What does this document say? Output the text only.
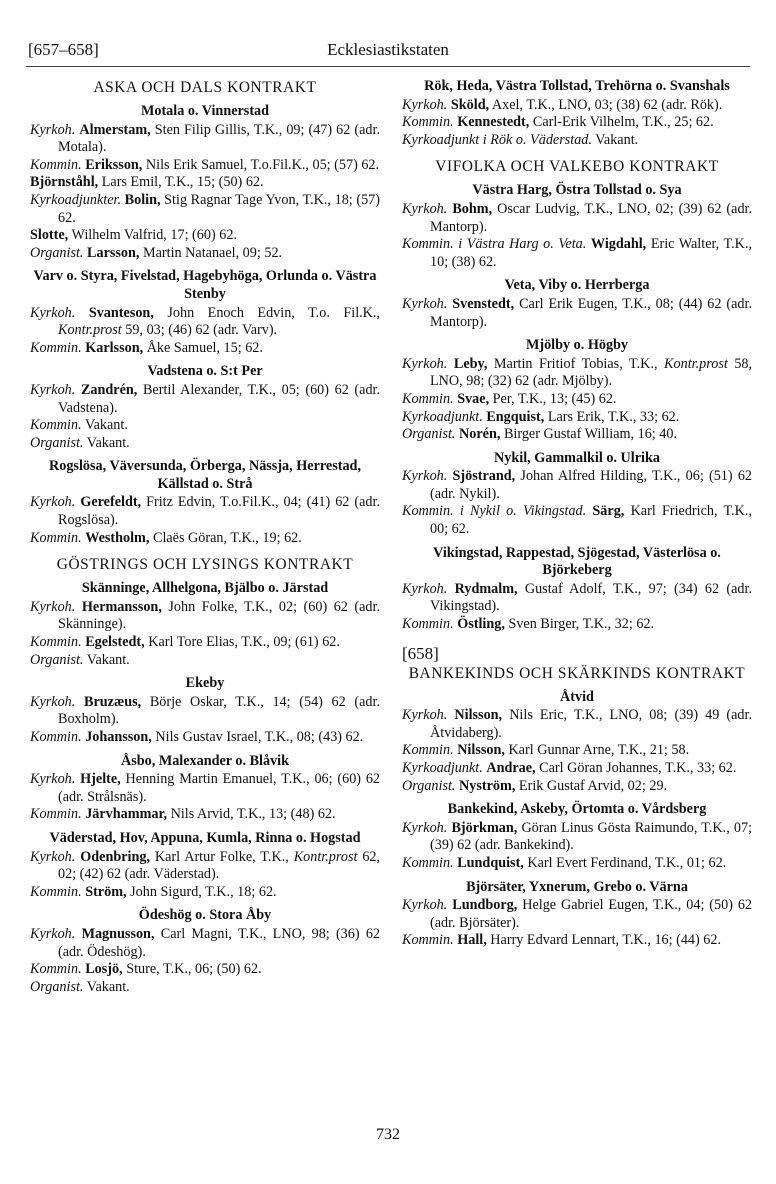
[657–658]	Ecklesiastikstaten
ASKA OCH DALS KONTRAKT
Motala o. Vinnerstad
Kyrkoh. Almerstam, Sten Filip Gillis, T.K., 09; (47) 62 (adr. Motala).
Kommin. Eriksson, Nils Erik Samuel, T.o.Fil.K., 05; (57) 62.
Björnståhl, Lars Emil, T.K., 15; (50) 62.
Kyrkoadjunkter. Bolin, Stig Ragnar Tage Yvon, T.K., 18; (57) 62.
Slotte, Wilhelm Valfrid, 17; (60) 62.
Organist. Larsson, Martin Natanael, 09; 52.
Varv o. Styra, Fivelstad, Hagebyhöga, Orlunda o. Västra Stenby
Kyrkoh. Svanteson, John Enoch Edvin, T.o. Fil.K., Kontr.prost 59, 03; (46) 62 (adr. Varv).
Kommin. Karlsson, Åke Samuel, 15; 62.
Vadstena o. S:t Per
Kyrkoh. Zandrén, Bertil Alexander, T.K., 05; (60) 62 (adr. Vadstena).
Kommin. Vakant.
Organist. Vakant.
Rogslösa, Väversunda, Örberga, Nässja, Herrestad, Källstad o. Strå
Kyrkoh. Gerefeldt, Fritz Edvin, T.o.Fil.K., 04; (41) 62 (adr. Rogslösa).
Kommin. Westholm, Claës Göran, T.K., 19; 62.
GÖSTRINGS OCH LYSINGS KONTRAKT
Skänninge, Allhelgona, Bjälbo o. Järstad
Kyrkoh. Hermansson, John Folke, T.K., 02; (60) 62 (adr. Skänninge).
Kommin. Egelstedt, Karl Tore Elias, T.K., 09; (61) 62.
Organist. Vakant.
Ekeby
Kyrkoh. Bruzæus, Börje Oskar, T.K., 14; (54) 62 (adr. Boxholm).
Kommin. Johansson, Nils Gustav Israel, T.K., 08; (43) 62.
Åsbo, Malexander o. Blåvik
Kyrkoh. Hjelte, Henning Martin Emanuel, T.K., 06; (60) 62 (adr. Strålsnäs).
Kommin. Järvhammar, Nils Arvid, T.K., 13; (48) 62.
Väderstad, Hov, Appuna, Kumla, Rinna o. Hogstad
Kyrkoh. Odenbring, Karl Artur Folke, T.K., Kontr.prost 62, 02; (42) 62 (adr. Väderstad).
Kommin. Ström, John Sigurd, T.K., 18; 62.
Ödeshög o. Stora Åby
Kyrkoh. Magnusson, Carl Magni, T.K., LNO, 98; (36) 62 (adr. Ödeshög).
Kommin. Losjö, Sture, T.K., 06; (50) 62.
Organist. Vakant.
Rök, Heda, Västra Tollstad, Trehörna o. Svanshals
Kyrkoh. Sköld, Axel, T.K., LNO, 03; (38) 62 (adr. Rök).
Kommin. Kennestedt, Carl-Erik Vilhelm, T.K., 25; 62.
Kyrkoadjunkt i Rök o. Väderstad. Vakant.
VIFOLKA OCH VALKEBO KONTRAKT
Västra Harg, Östra Tollstad o. Sya
Kyrkoh. Bohm, Oscar Ludvig, T.K., LNO, 02; (39) 62 (adr. Mantorp).
Kommin. i Västra Harg o. Veta. Wigdahl, Eric Walter, T.K., 10; (38) 62.
Veta, Viby o. Herrberga
Kyrkoh. Svenstedt, Carl Erik Eugen, T.K., 08; (44) 62 (adr. Mantorp).
Mjölby o. Högby
Kyrkoh. Leby, Martin Fritiof Tobias, T.K., Kontr.prost 58, LNO, 98; (32) 62 (adr. Mjölby).
Kommin. Svae, Per, T.K., 13; (45) 62.
Kyrkoadjunkt. Engquist, Lars Erik, T.K., 33; 62.
Organist. Norén, Birger Gustaf William, 16; 40.
Nykil, Gammalkil o. Ulrika
Kyrkoh. Sjöstrand, Johan Alfred Hilding, T.K., 06; (51) 62 (adr. Nykil).
Kommin. i Nykil o. Vikingstad. Särg, Karl Friedrich, T.K., 00; 62.
Vikingstad, Rappestad, Sjögestad, Västerlösa o. Björkeberg
Kyrkoh. Rydmalm, Gustaf Adolf, T.K., 97; (34) 62 (adr. Vikingstad).
Kommin. Östling, Sven Birger, T.K., 32; 62.
[658]
BANKEKINDS OCH SKÄRKINDS KONTRAKT
Åtvid
Kyrkoh. Nilsson, Nils Eric, T.K., LNO, 08; (39) 49 (adr. Åtvidaberg).
Kommin. Nilsson, Karl Gunnar Arne, T.K., 21; 58.
Kyrkoadjunkt. Andrae, Carl Göran Johannes, T.K., 33; 62.
Organist. Nyström, Erik Gustaf Arvid, 02; 29.
Bankekind, Askeby, Örtomta o. Vårdsberg
Kyrkoh. Björkman, Göran Linus Gösta Raimundo, T.K., 07; (39) 62 (adr. Bankekind).
Kommin. Lundquist, Karl Evert Ferdinand, T.K., 01; 62.
Björsäter, Yxnerum, Grebo o. Värna
Kyrkoh. Lundborg, Helge Gabriel Eugen, T.K., 04; (50) 62 (adr. Björsäter).
Kommin. Hall, Harry Edvard Lennart, T.K., 16; (44) 62.
732
